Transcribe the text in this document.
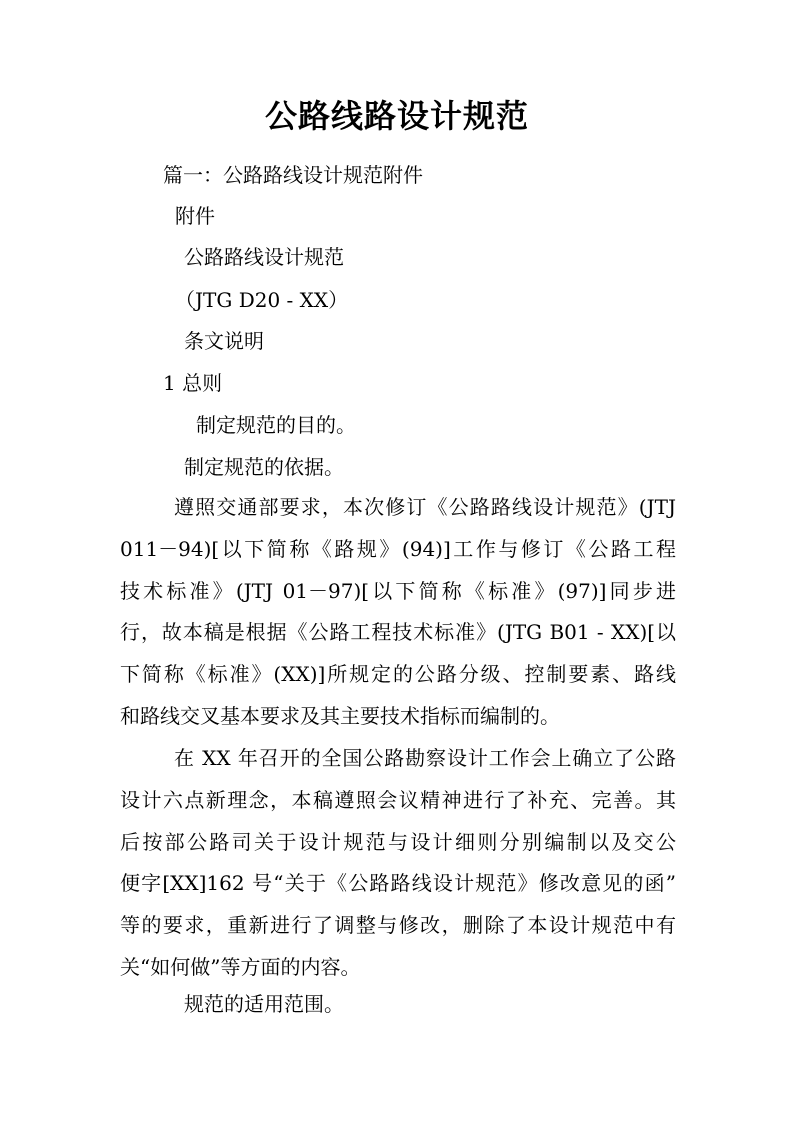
公路线路设计规范
篇一：公路路线设计规范附件
附件
公路路线设计规范
（JTG D20 - XX）
条文说明
1 总则
制定规范的目的。
制定规范的依据。
遵照交通部要求，本次修订《公路路线设计规范》(JTJ
011－94)[以下简称《路规》(94)]工作与修订《公路工程
技术标准》(JTJ 01－97)[以下简称《标准》(97)]同步进
行，故本稿是根据《公路工程技术标准》(JTG B01 - XX)[以
下简称《标准》(XX)]所规定的公路分级、控制要素、路线
和路线交叉基本要求及其主要技术指标而编制的。
在 XX 年召开的全国公路勘察设计工作会上确立了公路
设计六点新理念，本稿遵照会议精神进行了补充、完善。其
后按部公路司关于设计规范与设计细则分别编制以及交公
便字[XX]162 号“关于《公路路线设计规范》修改意见的函”
等的要求，重新进行了调整与修改，删除了本设计规范中有
关“如何做”等方面的内容。
规范的适用范围。
